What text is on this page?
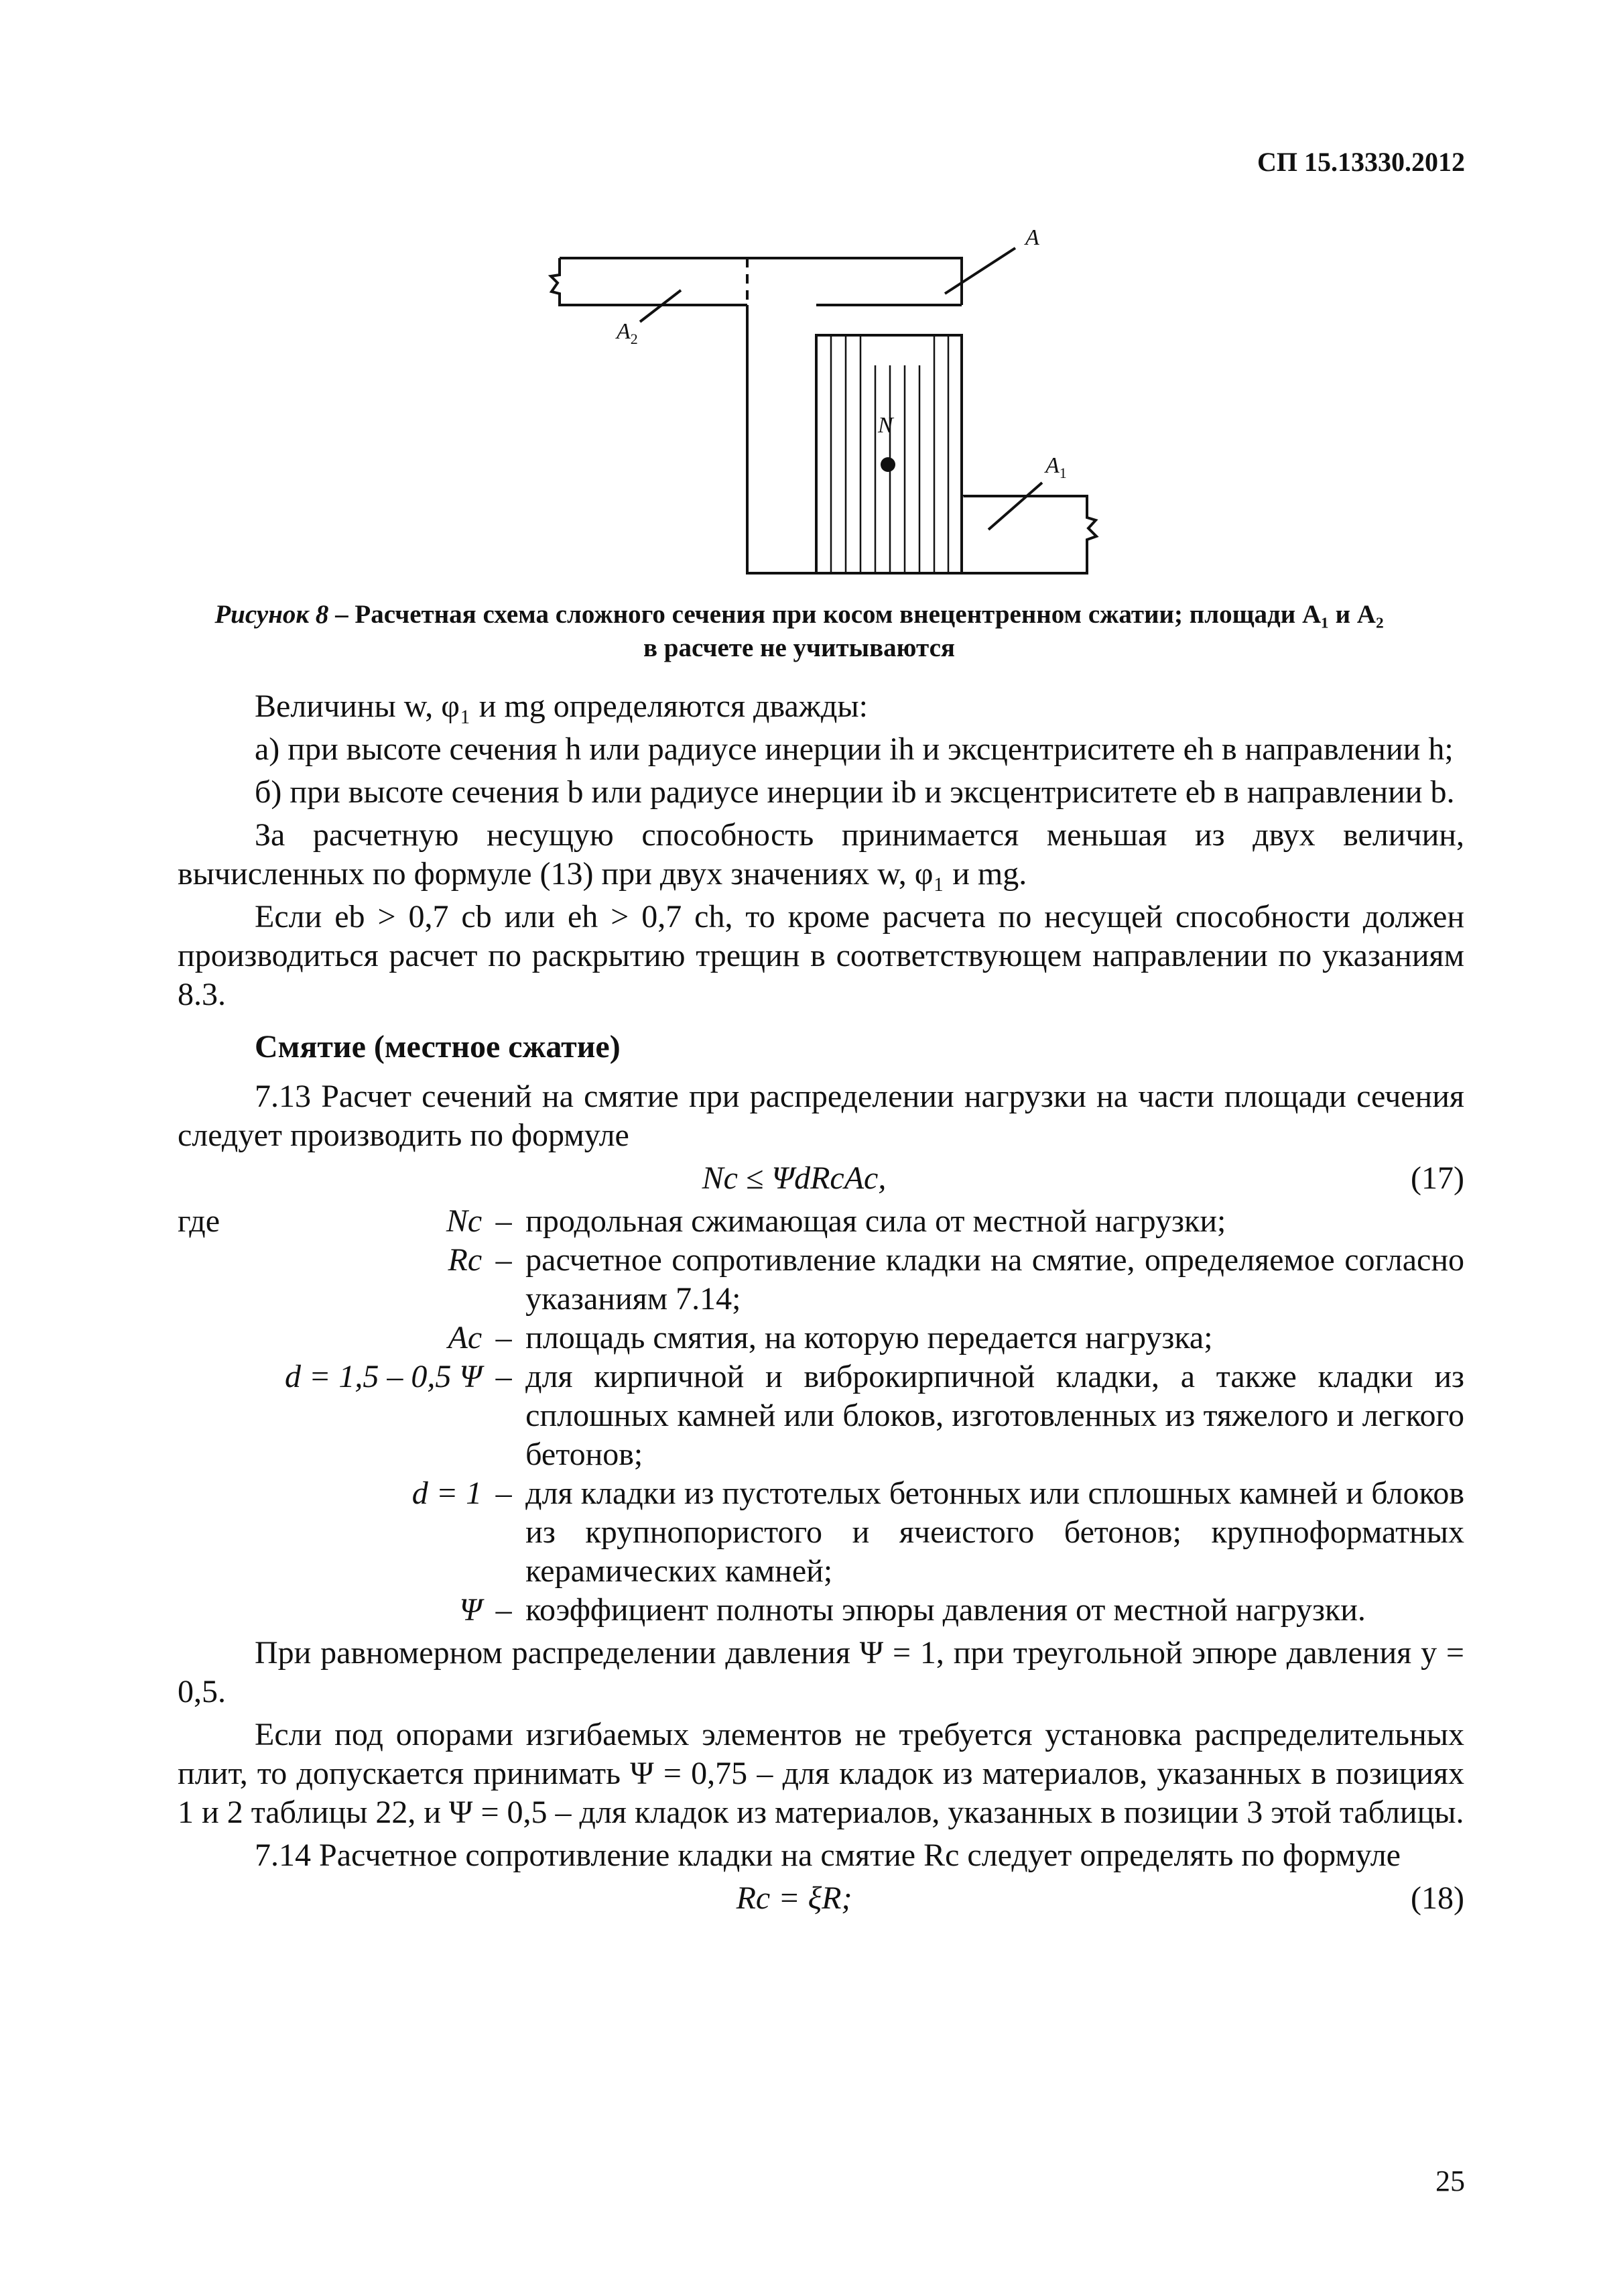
СП 15.13330.2012
A
N
$A_2$
$A_1$
Рисунок 8 – Расчетная схема сложного сечения при косом внецентренном сжатии; площади A₁ и A₂
в расчете не учитываются

Величины w, φ₁ и mg определяются дважды:

а) при высоте сечения h или радиусе инерции ih и эксцентриситете eh в направлении h;

б) при высоте сечения b или радиусе инерции ib и эксцентриситете eb в направлении b.

За расчетную несущую способность принимается меньшая из двух величин, вычисленных по формуле (13) при двух значениях w, φ₁ и mg.

Если eb > 0,7 cb или eh > 0,7 ch, то кроме расчета по несущей способности должен производиться расчет по раскрытию трещин в соответствующем направлении по указаниям 8.3.

Смятие (местное сжатие)

7.13 Расчет сечений на смятие при распределении нагрузки на части площади сечения следует производить по формуле

Nc ≤ ΨdRcAc,	(17)
где	Nc	–	продольная сжимающая сила от местной нагрузки;
	Rc	–	расчетное сопротивление кладки на смятие, определяемое согласно указаниям 7.14;
	Ac	–	площадь смятия, на которую передается нагрузка;
	d = 1,5 – 0,5 Ψ	–	для кирпичной и виброкирпичной кладки, а также кладки из сплошных камней или блоков, изготовленных из тяжелого и легкого бетонов;
	d = 1	–	для кладки из пустотелых бетонных или сплошных камней и блоков из крупнопористого и ячеистого бетонов; крупноформатных керамических камней;
	Ψ	–	коэффициент полноты эпюры давления от местной нагрузки.

При равномерном распределении давления Ψ = 1, при треугольной эпюре давления у = 0,5.

Если под опорами изгибаемых элементов не требуется установка распределительных плит, то допускается принимать Ψ = 0,75 – для кладок из материалов, указанных в позициях 1 и 2 таблицы 22, и Ψ = 0,5 – для кладок из материалов, указанных в позиции 3 этой таблицы.

7.14 Расчетное сопротивление кладки на смятие Rc следует определять по формуле

Rc = ξR;	(18)
25
